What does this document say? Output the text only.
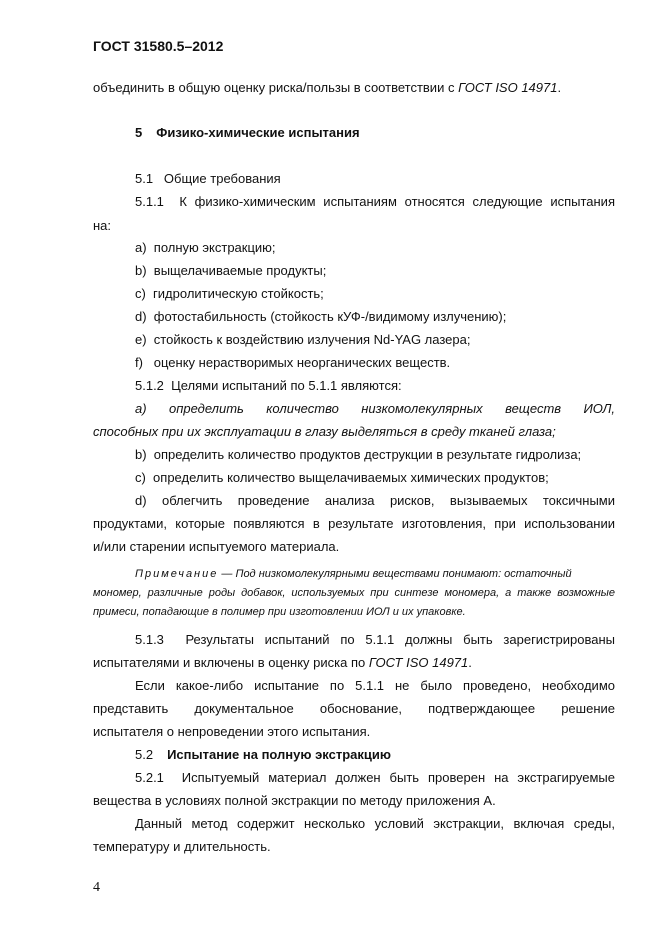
ГОСТ 31580.5–2012
объединить в общую оценку риска/пользы в соответствии с ГОСТ ISO 14971.
5 Физико-химические испытания
5.1   Общие требования
5.1.1  К физико-химическим испытаниям относятся следующие испытания
на:
a)  полную экстракцию;
b)  выщелачиваемые продукты;
c)  гидролитическую стойкость;
d)  фотостабильность (стойкость кУФ-/видимому излучению);
e)  стойкость к воздействию излучения Nd-YAG лазера;
f)   оценку нерастворимых неорганических веществ.
5.1.2  Целями испытаний по 5.1.1 являются:
а) определить количество низкомолекулярных веществ ИОЛ,
способных при их эксплуатации в глазу выделяться в среду тканей глаза;
b)  определить количество продуктов деструкции в результате гидролиза;
c)  определить количество выщелачиваемых химических продуктов;
d) облегчить проведение анализа рисков, вызываемых токсичными
продуктами, которые появляются в результате изготовления, при использовании
и/или старении испытуемого материала.
Примечание — Под низкомолекулярными веществами понимают: остаточный
мономер, различные роды добавок, используемых при синтезе мономера, а также возможные
примеси, попадающие в полимер при изготовлении ИОЛ и их упаковке.
5.1.3  Результаты испытаний по 5.1.1 должны быть зарегистрированы
испытателями и включены в оценку риска по ГОСТ ISO 14971.
Если какое-либо испытание по 5.1.1 не было проведено, необходимо
представить документальное обоснование, подтверждающее решение
испытателя о непроведении этого испытания.
5.2 Испытание на полную экстракцию
5.2.1  Испытуемый материал должен быть проверен на экстрагируемые
вещества в условиях полной экстракции по методу приложения А.
Данный метод содержит несколько условий экстракции, включая среды,
температуру и длительность.
4
